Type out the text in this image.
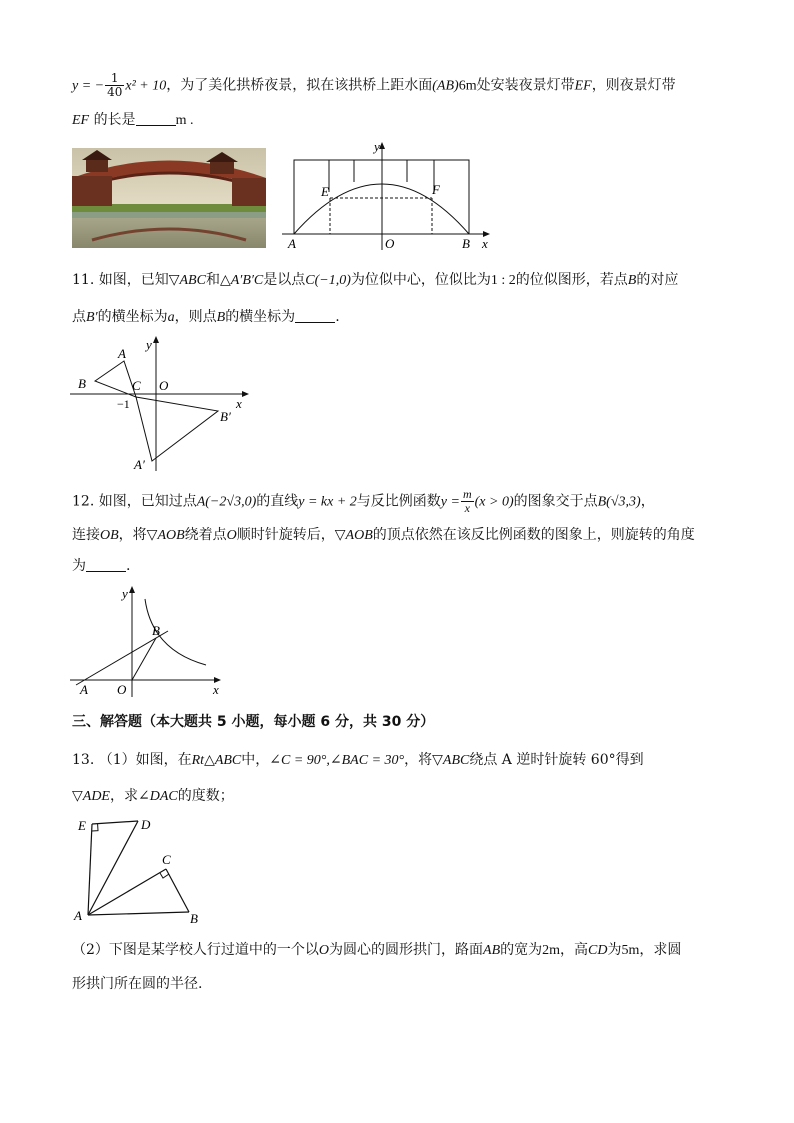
y = − $\frac{1}{40} x^2 + 10$，为了美化拱桥夜景，拟在该拱桥上距水面(AB)6m处安装夜景灯带EF，则夜景灯带
EF 的长是	m .
y
x
A	O	B
E	F
11. 如图，已知▽ABC和△A′B′C是以点C(−1,0)为位似中心，位似比为1 : 2的位似图形，若点B的对应
点B′的横坐标为a，则点B的横坐标为	.
A
B	C O
y
x
−1
B′
A′
12. 如图，已知过点A(−2√3,0)的直线y = kx + 2与反比例函数$y = \frac{m}{x} (x > 0)$的图象交于点B(√3,3)，
连接OB，将▽AOB绕着点O顺时针旋转后，▽AOB的顶点依然在该反比例函数的图象上，则旋转的角度
为	.
y
x
A O
B
三、解答题（本大题共 5 小题，每小题 6 分，共 30 分）
13. （1）如图，在Rt△ABC中，∠C = 90°,∠BAC = 30°，将▽ABC绕点 A 逆时针旋转 60°得到
▽ADE，求∠DAC的度数；
E	D
C
A	B
（2）下图是某学校人行过道中的一个以O为圆心的圆形拱门，路面AB的宽为2m，高CD为5m，求圆
形拱门所在圆的半径.
